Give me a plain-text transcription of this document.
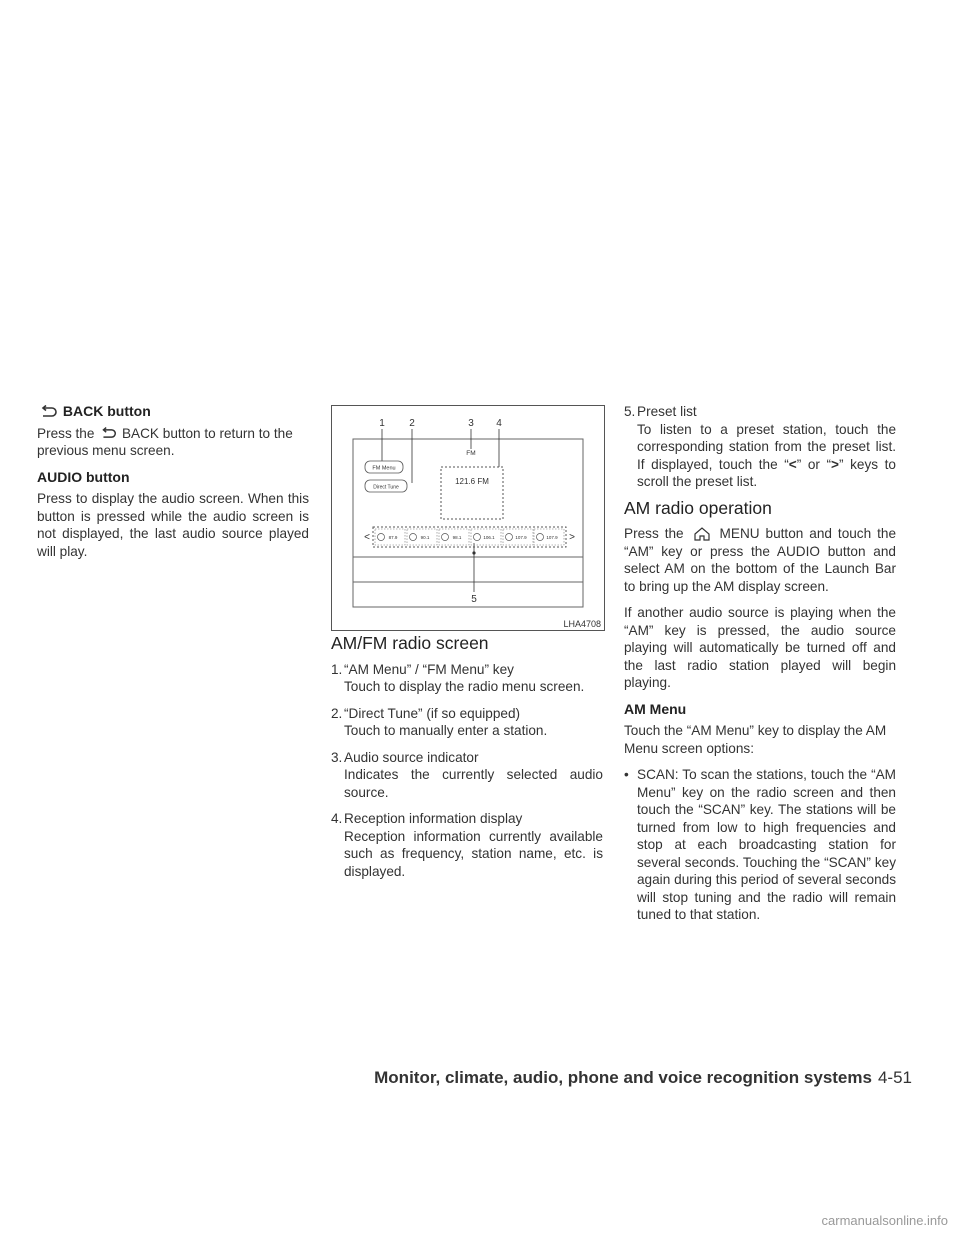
BACK button

Press the BACK button to return to the previous menu screen.

AUDIO button

Press to display the audio screen. When this button is pressed while the audio screen is not displayed, the last audio source played will play.

1 2	3 4
5
FM
FM Menu
Direct Tune
121.6 FM
<	>
87.9	90.1	98.1	106.1	107.9	107.9
LHA4708
AM/FM radio screen
1. “AM Menu” / “FM Menu” key
Touch to display the radio menu screen.
2. “Direct Tune” (if so equipped)
Touch to manually enter a station.
3. Audio source indicator
Indicates the currently selected audio source.
4. Reception information display
Reception information currently available such as frequency, station name, etc. is displayed.
5. Preset list
To listen to a preset station, touch the corresponding station from the preset list. If displayed, touch the “<” or “>” keys to scroll the preset list.
AM radio operation

Press the	MENU button and touch the “AM” key or press the AUDIO button and select AM on the bottom of the Launch Bar to bring up the AM display screen.

If another audio source is playing when the “AM” key is pressed, the audio source playing will automatically be turned off and the last radio station played will begin playing.

AM Menu

Touch the “AM Menu” key to display the AM Menu screen options:

• SCAN: To scan the stations, touch the “AM Menu” key on the radio screen and then touch the “SCAN” key. The stations will be turned from low to high frequencies and stop at each broadcasting station for several seconds. Touching the “SCAN” key again during this period of several seconds will stop tuning and the radio will remain tuned to that station.
Monitor, climate, audio, phone and voice recognition systems 4-51
carmanualsonline.info
